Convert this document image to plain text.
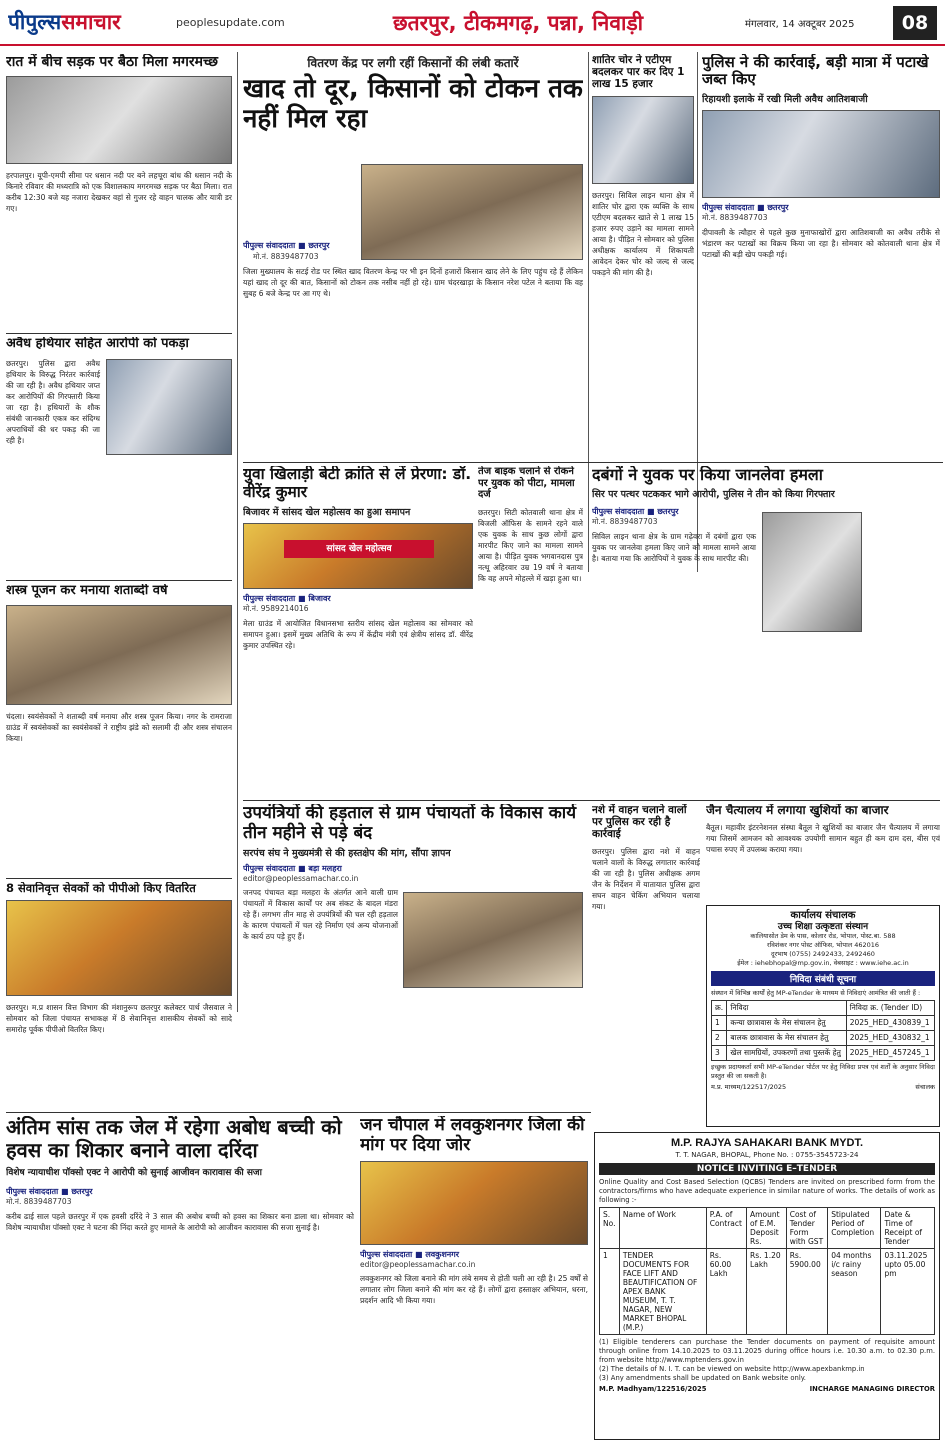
पीपुल्ससमाचार	peoplesupdate.com	छतरपुर, टीकमगढ़, पन्ना, निवाड़ी	मंगलवार, 14 अक्टूबर 2025	08
रात में बीच सड़क पर बैठा मिला मगरमच्छ
हरपालपुर। यूपी-एमपी सीमा पर धसान नदी पर बने लहचूरा बांध की धसान नदी के किनारे रविवार की मध्यरात्रि को एक विशालकाय मगरमच्छ सड़क पर बैठा मिला। रात करीब 12:30 बजे यह नजारा देखकर वहां से गुजर रहे वाहन चालक और यात्री डर गए।
अवैध हथियार सहित आरोपी को पकड़ा
छतरपुर। पुलिस द्वारा अवैध हथियार के विरुद्ध निरंतर कार्रवाई की जा रही है। अवैध हथियार जप्त कर आरोपियों की गिरफ्तारी किया जा रहा है। हथियारों के शौक संबंधी जानकारी एकत्र कर संदिग्ध अपराधियों की धर पकड़ की जा रही है।
शस्त्र पूजन कर मनाया शताब्दी वर्ष
चंदला। स्वयंसेवकों ने शताब्दी वर्ष मनाया और शस्त्र पूजन किया। नगर के रामराजा ग्राउंड में स्वयंसेवकों का स्वयंसेवकों ने राष्ट्रीय झंडे को सलामी दी और शस्त्र संचालन किया।
8 सेवानिवृत्त सेवकों को पीपीओ किए वितरित
छतरपुर। म.प्र शासन वित्त विभाग की मंशानुरूप छतरपुर कलेक्टर पार्थ जैसवाल ने सोमवार को जिला पंचायत सभाकक्ष में 8 सेवानिवृत्त शासकीय सेवकों को सादे समारोह पूर्वक पीपीओ वितरित किए।
वितरण केंद्र पर लगी रहीं किसानों की लंबी कतारें
खाद तो दूर, किसानों को टोकन तक नहीं मिल रहा
पीपुल्स संवाददाता ■ छतरपुर
मो.नं. 8839487703
जिला मुख्यालय के सटई रोड पर स्थित खाद वितरण केन्द्र पर भी इन दिनों हजारों किसान खाद लेने के लिए पहुंच रहे हैं लेकिन यहां खाद तो दूर की बात, किसानों को टोकन तक नसीब नहीं हो रहे। ग्राम चंदरखाड़ा के किसान नरेश पटेल ने बताया कि वह सुबह 6 बजे केन्द्र पर आ गए थे।
शातिर चोर ने एटीएम बदलकर पार कर दिए 1 लाख 15 हजार
छतरपुर। सिविल लाइन थाना क्षेत्र में शातिर चोर द्वारा एक व्यक्ति के साथ एटीएम बदलकर खाते से 1 लाख 15 हजार रुपए उड़ाने का मामला सामने आया है। पीड़ित ने सोमवार को पुलिस अधीक्षक कार्यालय में शिकायती आवेदन देकर चोर को जल्द से जल्द पकड़ने की मांग की है।
पुलिस ने की कार्रवाई, बड़ी मात्रा में पटाखे जब्त किए
रिहायशी इलाके में रखी मिली अवैध आतिशबाजी
पीपुल्स संवाददाता ■ छतरपुर
मो.नं. 8839487703
दीपावली के त्यौहार से पहले कुछ मुनाफाखोरों द्वारा आतिशबाजी का अवैध तरीके से भंडारण कर पटाखों का विक्रय किया जा रहा है। सोमवार को कोतवाली थाना क्षेत्र में पटाखों की बड़ी खेप पकड़ी गई।
युवा खिलाड़ी बेटी क्रांति से लें प्रेरणा: डॉ. वीरेंद्र कुमार
बिजावर में सांसद खेल महोत्सव का हुआ समापन
सांसद खेल महोत्सव
पीपुल्स संवाददाता ■ बिजावर
मो.नं. 9589214016
मेला ग्राउंड में आयोजित विधानसभा स्तरीय सांसद खेल महोत्सव का सोमवार को समापन हुआ। इसमें मुख्य अतिथि के रूप में केंद्रीय मंत्री एवं क्षेत्रीय सांसद डॉ. वीरेंद्र कुमार उपस्थित रहे।
तेज बाइक चलाने से रोकने पर युवक को पीटा, मामला दर्ज
छतरपुर। सिटी कोतवाली थाना क्षेत्र में बिजली ऑफिस के सामने रहने वाले एक युवक के साथ कुछ लोगों द्वारा मारपीट किए जाने का मामला सामने आया है। पीड़ित युवक भगवानदास पुत्र नत्थू अहिरवार उम्र 19 वर्ष ने बताया कि वह अपने मोहल्ले में खड़ा हुआ था।
दबंगों ने युवक पर किया जानलेवा हमला
सिर पर पत्थर पटककर भागे आरोपी, पुलिस ने तीन को किया गिरफ्तार
पीपुल्स संवाददाता ■ छतरपुर
मो.नं. 8839487703
सिविल लाइन थाना क्षेत्र के ग्राम गढ़ेवरा में दबंगों द्वारा एक युवक पर जानलेवा हमला किए जाने को मामला सामने आया है। बताया गया कि आरोपियों ने युवक के साथ मारपीट की।
उपयंत्रियों की हड़ताल से ग्राम पंचायतों के विकास कार्य तीन महीने से पड़े बंद
सरपंच संघ ने मुख्यमंत्री से की हस्तक्षेप की मांग, सौंपा ज्ञापन
पीपुल्स संवाददाता ■ बड़ा मलहरा
editor@peoplessamachar.co.in
जनपद पंचायत बड़ा मलहरा के अंतर्गत आने वाली ग्राम पंचायतों में विकास कार्यों पर अब संकट के बादल मंडरा रहे हैं। लगभग तीन माह से उपयंत्रियों की चल रही हड़ताल के कारण पंचायतों में चल रहे निर्माण एवं अन्य योजनाओं के कार्य ठप पड़े हुए हैं।
नशे में वाहन चलाने वालों पर पुलिस कर रही है कार्रवाई
छतरपुर। पुलिस द्वारा नशे में वाहन चलाने वालों के विरुद्ध लगातार कार्रवाई की जा रही है। पुलिस अधीक्षक अगम जैन के निर्देशन में यातायात पुलिस द्वारा सघन वाहन चेकिंग अभियान चलाया गया।
जैन चैत्यालय में लगाया खुशियों का बाजार
बैतूल। महावीर इंटरनेशनल संस्था बैतूल ने खुशियों का बाजार जैन चैत्यालय में लगाया गया जिसमें आमजन को आवश्यक उपयोगी सामान बहुत ही कम दाम दस, बीस एवं पचास रुपए में उपलब्ध कराया गया।
कार्यालय संचालक
उच्च शिक्षा उत्कृष्टता संस्थान
कालियासोत डेम के पास, कोलार रोड, भोपाल, पोस्ट.बा. 588
रविशंकर नगर पोस्ट ऑफिस, भोपाल 462016
दूरभाष (0755) 2492433, 2492460
ईमेल : iehebhopal@mp.gov.in, वेबसाइट : www.iehe.ac.in
निविदा संबंधी सूचना
संस्थान में विभिन्न कार्यों हेतु MP-eTender के माध्यम से निविदाएं आमंत्रित की जाती हैं :
क्र.	निविदा	निविदा क्र. (Tender ID)
1	कन्या छात्रावास के मेस संचालन हेतु	2025_HED_430839_1
2	बालक छात्रावास के मेस संचालन हेतु	2025_HED_430832_1
3	खेल सामग्रियों, उपकरणों तथा पुस्तकें हेतु	2025_HED_457245_1
इच्छुक प्रदायकर्ता सभी MP-eTender पोर्टल पर हेतु निविदा प्रपत्र एवं शर्तों के अनुसार निविदा प्रस्तुत की जा सकती है।
म.प्र. माध्यम/122517/2025	संचालक
अंतिम सांस तक जेल में रहेगा अबोध बच्ची को हवस का शिकार बनाने वाला दरिंदा
विशेष न्यायाधीश पॉक्सो एक्ट ने आरोपी को सुनाई आजीवन कारावास की सजा
पीपुल्स संवाददाता ■ छतरपुर
मो.नं. 8839487703
करीब ढाई साल पहले छतरपुर में एक हवसी दरिंदे ने 3 साल की अबोध बच्ची को हवस का शिकार बना डाला था। सोमवार को विशेष न्यायाधीश पॉक्सो एक्ट ने घटना की निंदा करते हुए मामले के आरोपी को आजीवन कारावास की सजा सुनाई है।
जन चौपाल में लवकुशनगर जिला की मांग पर दिया जोर
पीपुल्स संवाददाता ■ लवकुशनगर
editor@peoplessamachar.co.in
लवकुशनगर को जिला बनाने की मांग लंबे समय से होती चली आ रही है। 25 वर्षों से लगातार लोग जिला बनाने की मांग कर रहे हैं। लोगों द्वारा हस्ताक्षर अभियान, धरना, प्रदर्शन आदि भी किया गया।
M.P. RAJYA SAHAKARI BANK MYDT.
T. T. NAGAR, BHOPAL, Phone No. : 0755-3545723-24
NOTICE INVITING E–TENDER
Online Quality and Cost Based Selection (QCBS) Tenders are invited on prescribed form from the contractors/firms who have adequate experience in similar nature of works. The details of work as following :-
S. No.	Name of Work	P.A. of Contract	Amount of E.M. Deposit Rs.	Cost of Tender Form with GST	Stipulated Period of Completion	Date & Time of Receipt of Tender
1	TENDER DOCUMENTS FOR FACE LIFT AND BEAUTIFICATION OF APEX BANK MUSEUM, T. T. NAGAR, NEW MARKET BHOPAL (M.P.)	Rs. 60.00 Lakh	Rs. 1.20 Lakh	Rs. 5900.00	04 months i/c rainy season	03.11.2025 upto 05.00 pm
(1) Eligible tenderers can purchase the Tender documents on payment of requisite amount through online from 14.10.2025 to 03.11.2025 during office hours i.e. 10.30 a.m. to 02.30 p.m. from website http://www.mptenders.gov.in
(2) The details of N. I. T. can be viewed on website http://www.apexbankmp.in
(3) Any amendments shall be updated on Bank website only.
M.P. Madhyam/122516/2025	INCHARGE MANAGING DIRECTOR
